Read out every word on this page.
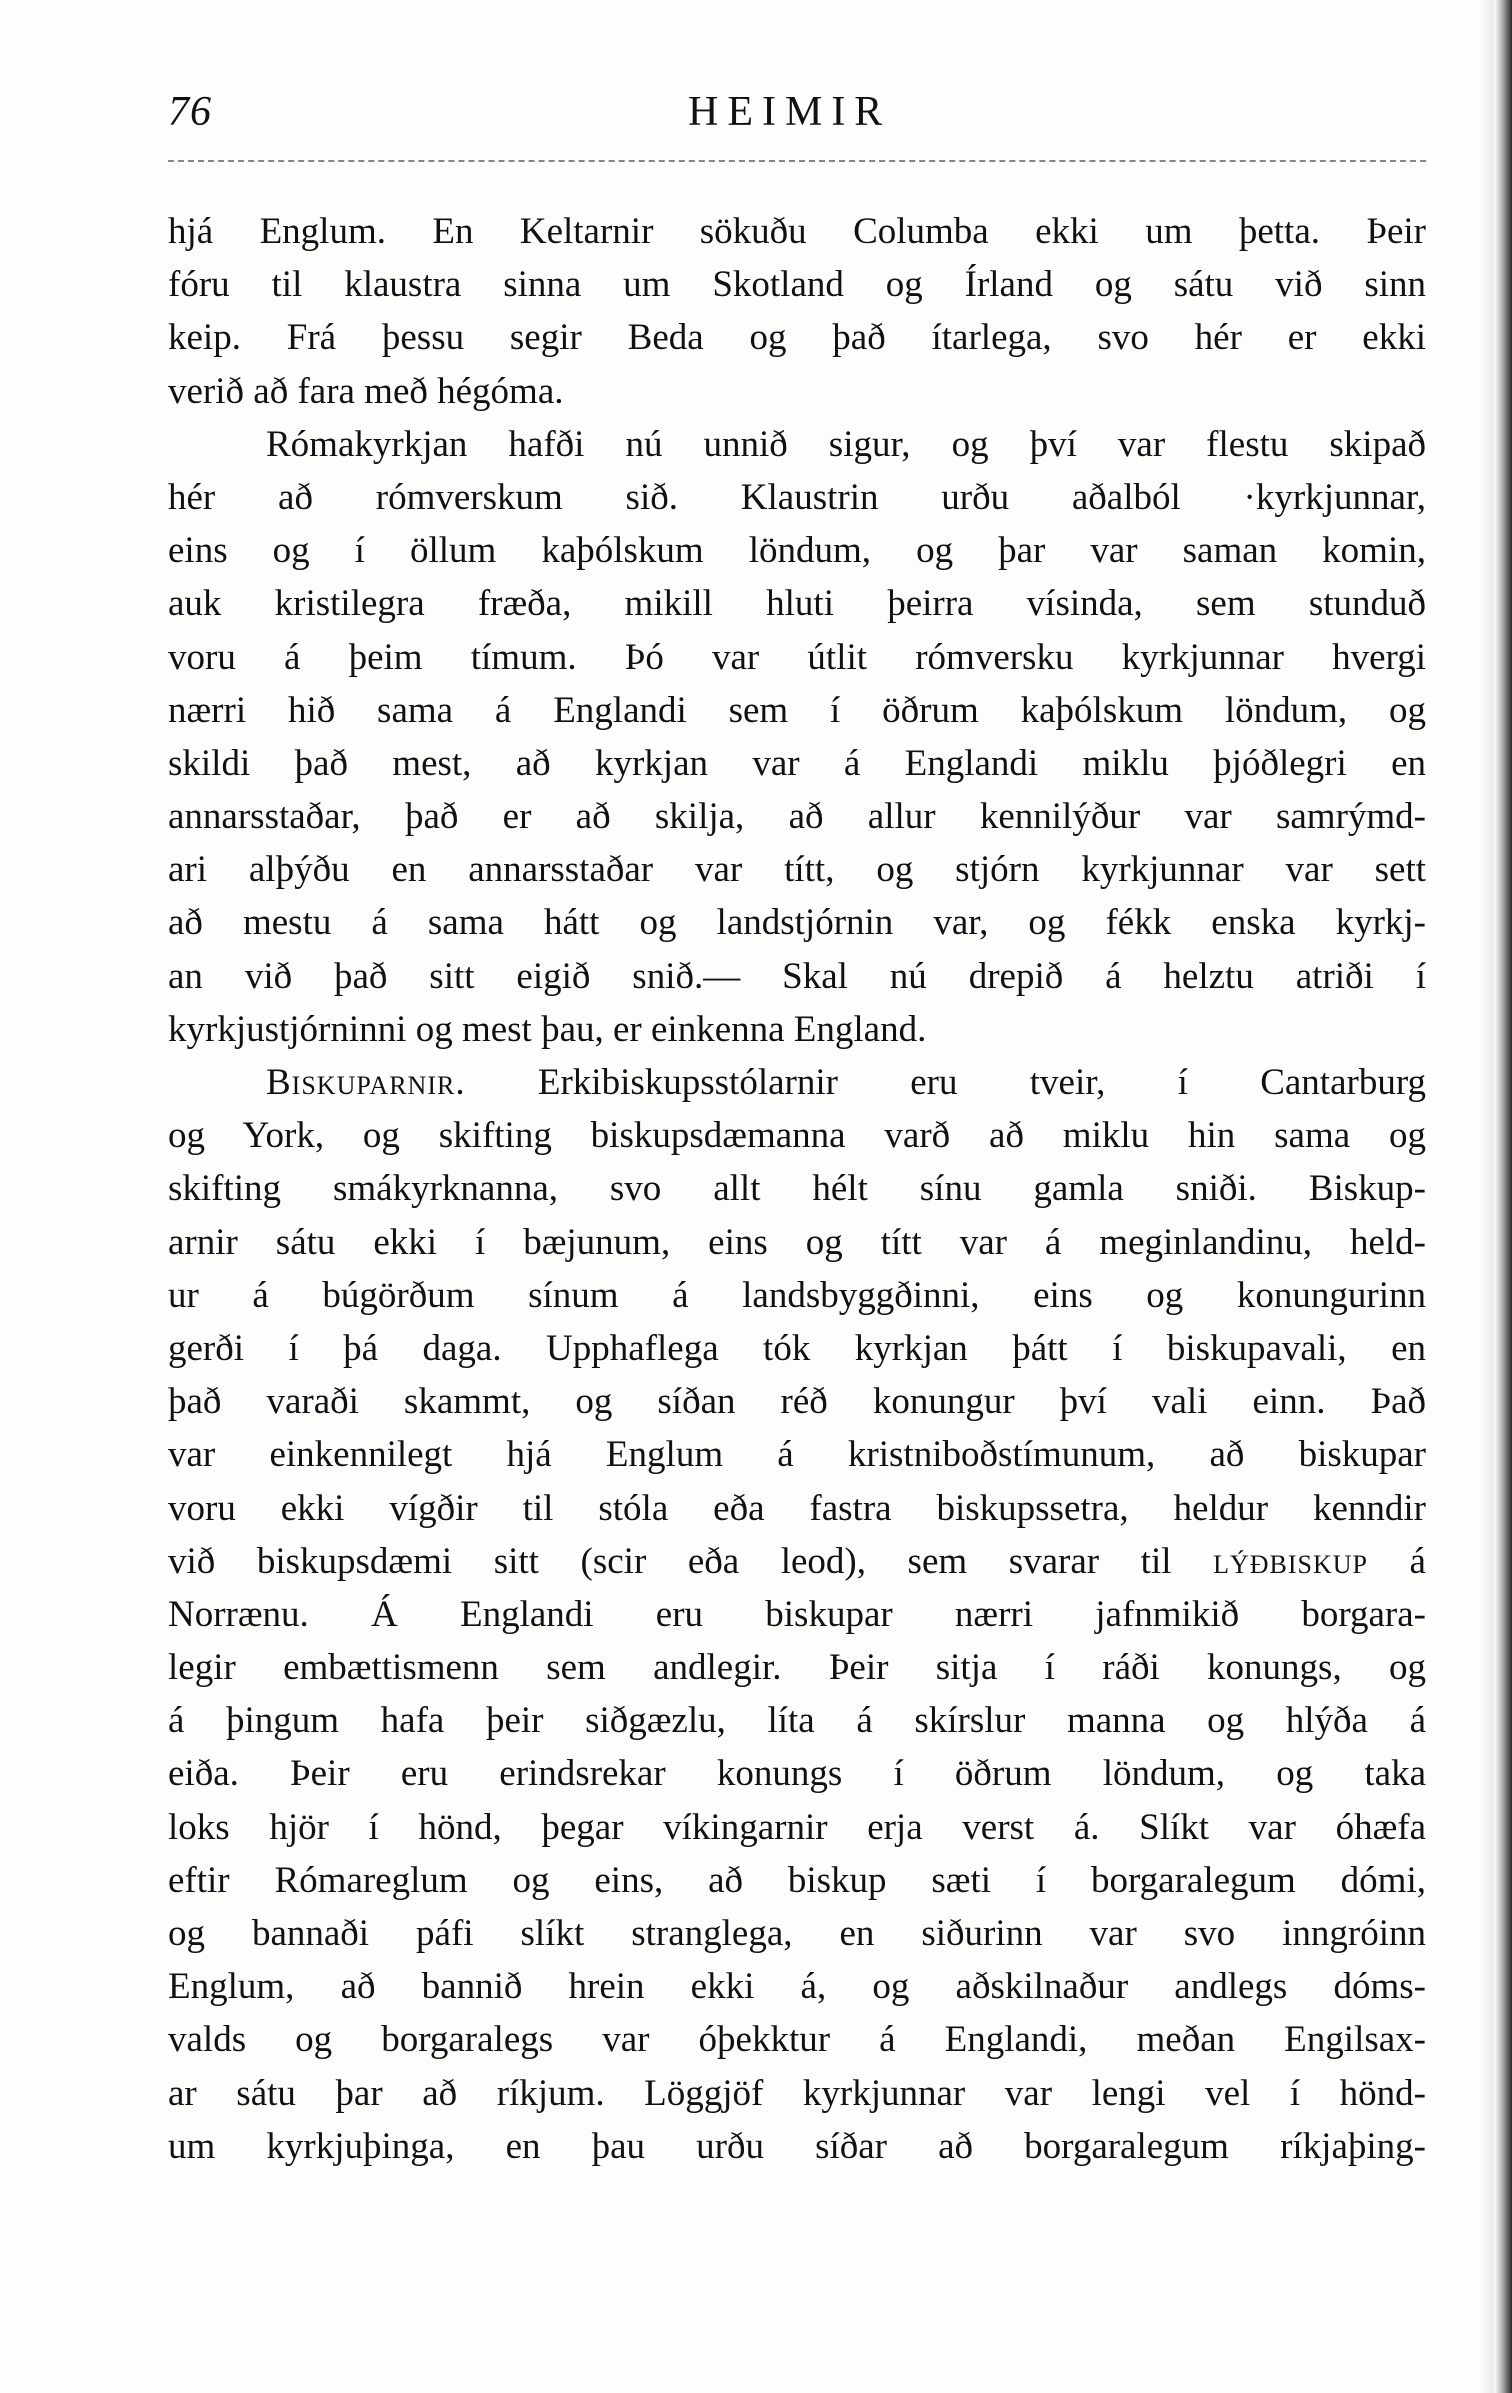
76	HEIMIR
hjá Englum. En Keltarnir sökuðu Columba ekki um þetta. Þeir
fóru til klaustra sinna um Skotland og Írland og sátu við sinn
keip. Frá þessu segir Beda og það ítarlega, svo hér er ekki
verið að fara með hégóma.
Rómakyrkjan hafði nú unnið sigur, og því var flestu skipað
hér að rómverskum sið. Klaustrin urðu aðalból ·kyrkjunnar,
eins og í öllum kaþólskum löndum, og þar var saman komin,
auk kristilegra fræða, mikill hluti þeirra vísinda, sem stunduð
voru á þeim tímum. Þó var útlit rómversku kyrkjunnar hvergi
nærri hið sama á Englandi sem í öðrum kaþólskum löndum, og
skildi það mest, að kyrkjan var á Englandi miklu þjóðlegri en
annarsstaðar, það er að skilja, að allur kennilýður var samrýmd-
ari alþýðu en annarsstaðar var títt, og stjórn kyrkjunnar var sett
að mestu á sama hátt og landstjórnin var, og fékk enska kyrkj-
an við það sitt eigið snið.— Skal nú drepið á helztu atriði í
kyrkjustjórninni og mest þau, er einkenna England.
Biskuparnir. Erkibiskupsstólarnir eru tveir, í Cantarburg
og York, og skifting biskupsdæmanna varð að miklu hin sama og
skifting smákyrknanna, svo allt hélt sínu gamla sniði. Biskup-
arnir sátu ekki í bæjunum, eins og títt var á meginlandinu, held-
ur á búgörðum sínum á landsbyggðinni, eins og konungurinn
gerði í þá daga. Upphaflega tók kyrkjan þátt í biskupavali, en
það varaði skammt, og síðan réð konungur því vali einn. Það
var einkennilegt hjá Englum á kristniboðstímunum, að biskupar
voru ekki vígðir til stóla eða fastra biskupssetra, heldur kenndir
við biskupsdæmi sitt (scir eða leod), sem svarar til lýðbiskup á
Norrænu. Á Englandi eru biskupar nærri jafnmikið borgara-
legir embættismenn sem andlegir. Þeir sitja í ráði konungs, og
á þingum hafa þeir siðgæzlu, líta á skírslur manna og hlýða á
eiða. Þeir eru erindsrekar konungs í öðrum löndum, og taka
loks hjör í hönd, þegar víkingarnir erja verst á. Slíkt var óhæfa
eftir Rómareglum og eins, að biskup sæti í borgaralegum dómi,
og bannaði páfi slíkt stranglega, en siðurinn var svo inngróinn
Englum, að bannið hrein ekki á, og aðskilnaður andlegs dóms-
valds og borgaralegs var óþekktur á Englandi, meðan Engilsax-
ar sátu þar að ríkjum. Löggjöf kyrkjunnar var lengi vel í hönd-
um kyrkjuþinga, en þau urðu síðar að borgaralegum ríkjaþing-
